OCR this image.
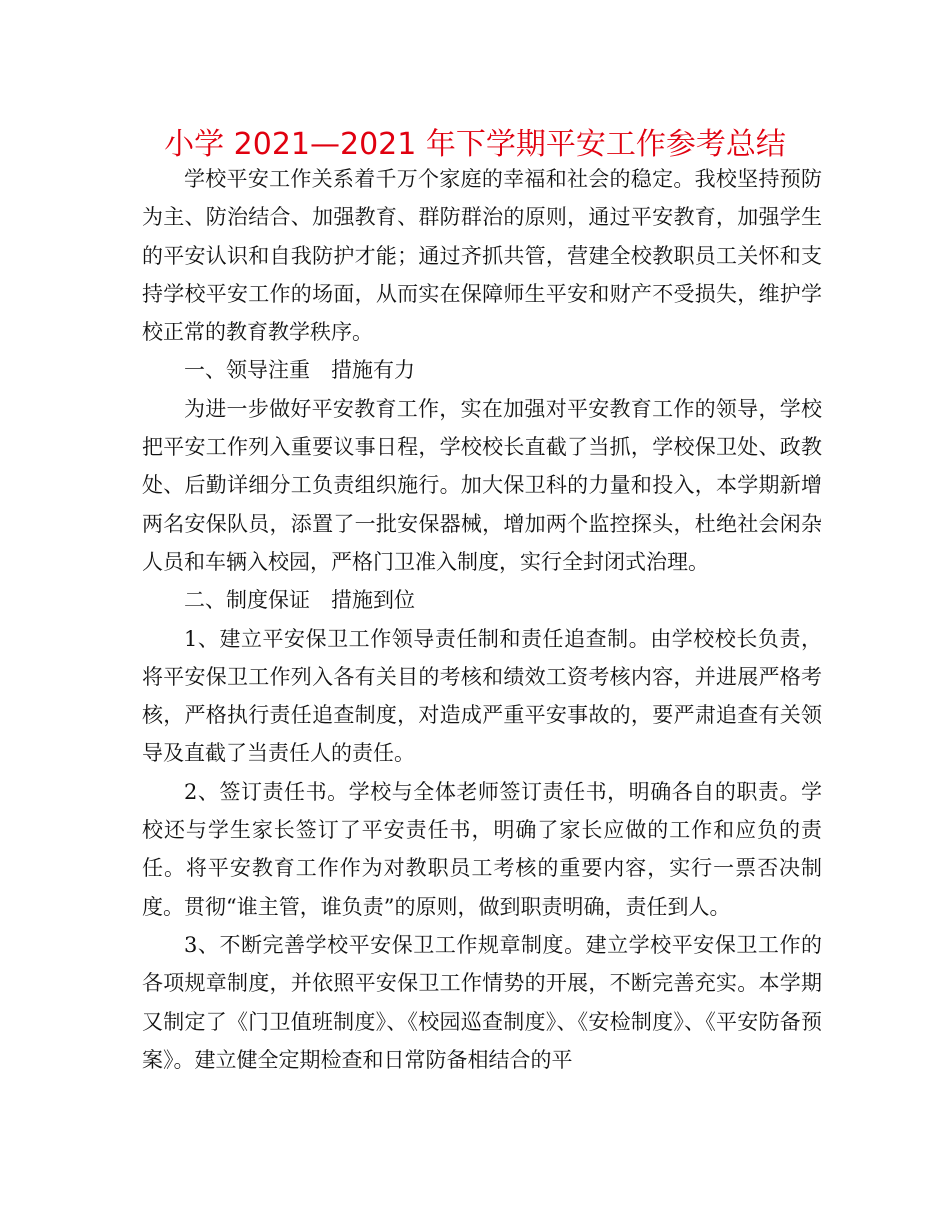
小学 2021—2021 年下学期平安工作参考总结

学校平安工作关系着千万个家庭的幸福和社会的稳定。我校坚持预防为主、防治结合、加强教育、群防群治的原则，通过平安教育，加强学生的平安认识和自我防护才能；通过齐抓共管，营建全校教职员工关怀和支持学校平安工作的场面，从而实在保障师生平安和财产不受损失，维护学校正常的教育教学秩序。

一、领导注重　措施有力

为进一步做好平安教育工作，实在加强对平安教育工作的领导，学校把平安工作列入重要议事日程，学校校长直截了当抓，学校保卫处、政教处、后勤详细分工负责组织施行。加大保卫科的力量和投入，本学期新增两名安保队员，添置了一批安保器械，增加两个监控探头，杜绝社会闲杂人员和车辆入校园，严格门卫准入制度，实行全封闭式治理。

二、制度保证　措施到位

1、建立平安保卫工作领导责任制和责任追查制。由学校校长负责，将平安保卫工作列入各有关目的考核和绩效工资考核内容，并进展严格考核，严格执行责任追查制度，对造成严重平安事故的，要严肃追查有关领导及直截了当责任人的责任。

2、签订责任书。学校与全体老师签订责任书，明确各自的职责。学校还与学生家长签订了平安责任书，明确了家长应做的工作和应负的责任。将平安教育工作作为对教职员工考核的重要内容，实行一票否决制度。贯彻“谁主管，谁负责”的原则，做到职责明确，责任到人。

3、不断完善学校平安保卫工作规章制度。建立学校平安保卫工作的各项规章制度，并依照平安保卫工作情势的开展，不断完善充实。本学期又制定了《门卫值班制度》、《校园巡查制度》、《安检制度》、《平安防备预案》。建立健全定期检查和日常防备相结合的平
